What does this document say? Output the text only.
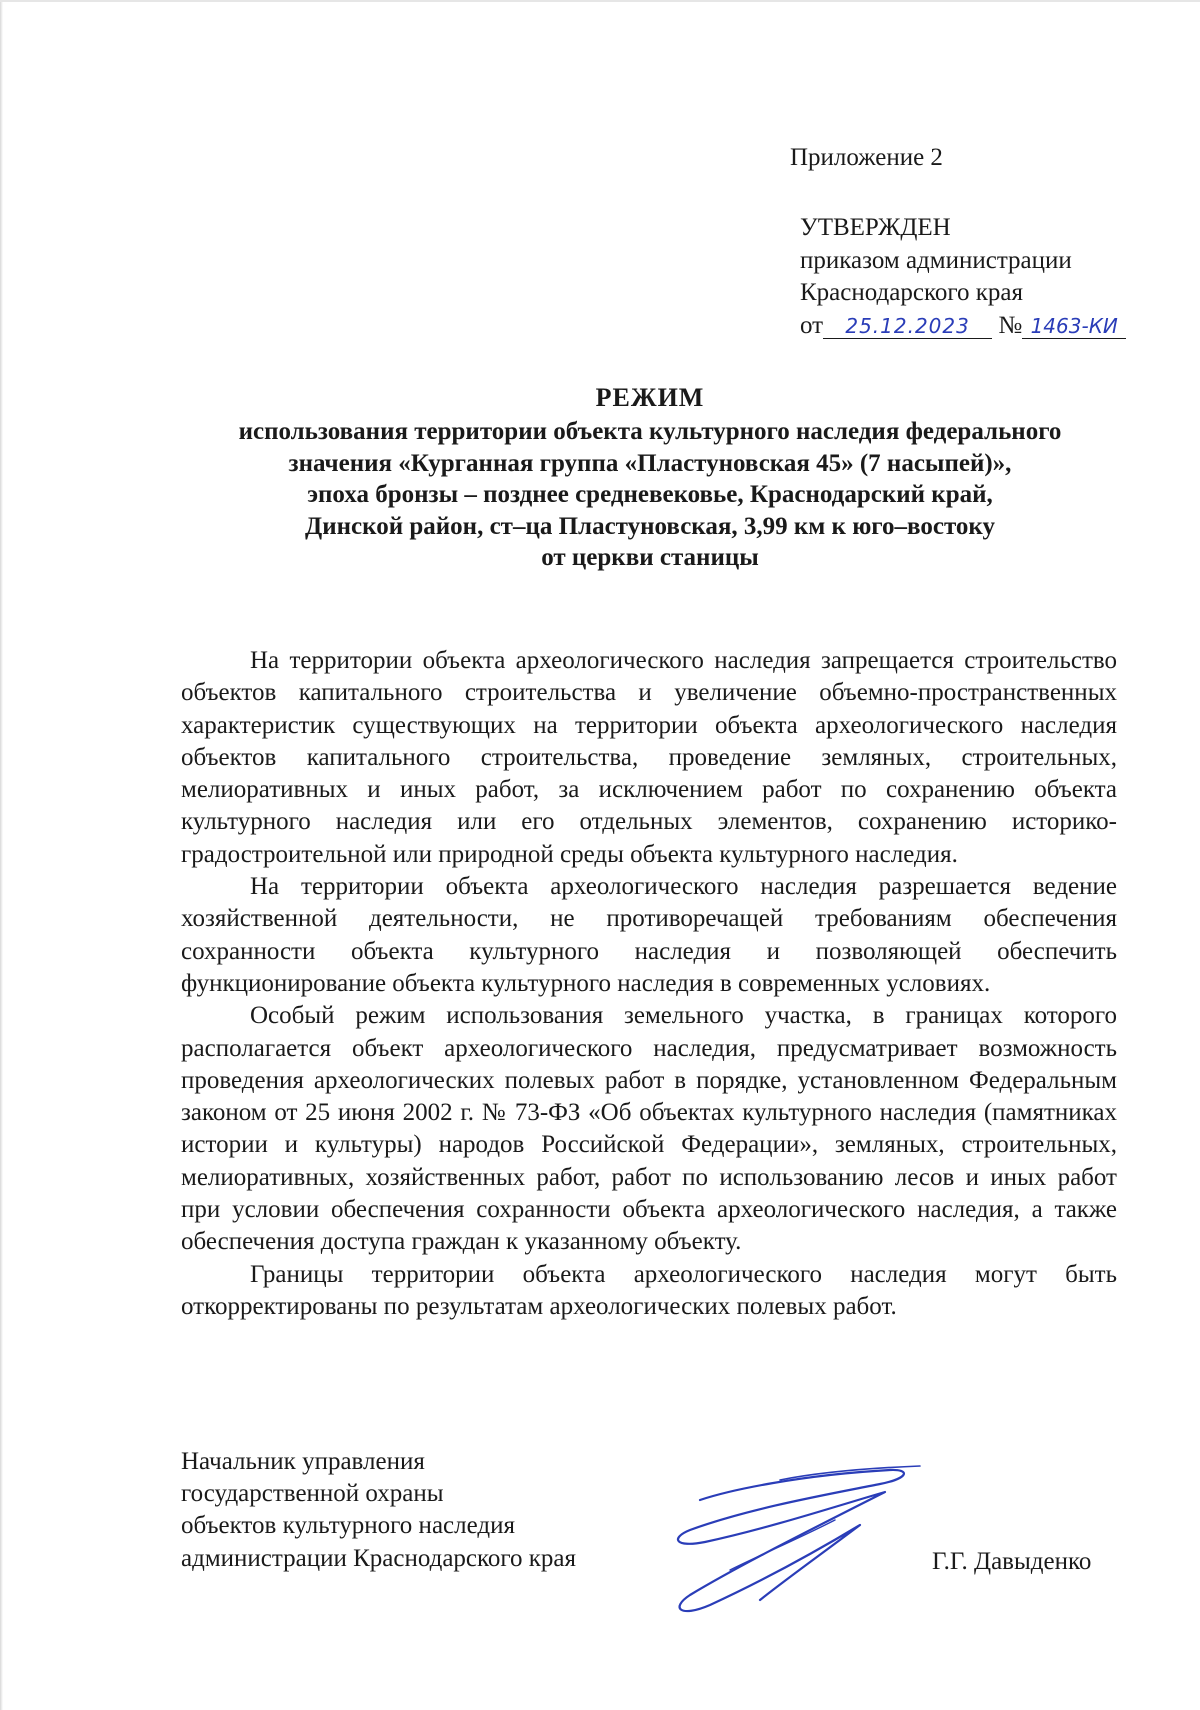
Приложение 2
УТВЕРЖДЕН
приказом администрации
Краснодарского края
от 25.12.2023 № 1463-КИ
РЕЖИМ
использования территории объекта культурного наследия федерального
значения «Курганная группа «Пластуновская 45» (7 насыпей)»,
эпоха бронзы – позднее средневековье, Краснодарский край,
Динской район, ст–ца Пластуновская, 3,99 км к юго–востоку
от церкви станицы

На территории объекта археологического наследия запрещается строительство объектов капитального строительства и увеличение объемно-пространственных характеристик существующих на территории объекта археологического наследия объектов капитального строительства, проведение земляных, строительных, мелиоративных и иных работ, за исключением работ по сохранению объекта культурного наследия или его отдельных элементов, сохранению историко-градостроительной или природной среды объекта культурного наследия.

На территории объекта археологического наследия разрешается ведение хозяйственной деятельности, не противоречащей требованиям обеспечения сохранности объекта культурного наследия и позволяющей обеспечить функционирование объекта культурного наследия в современных условиях.

Особый режим использования земельного участка, в границах которого располагается объект археологического наследия, предусматривает возможность проведения археологических полевых работ в порядке, установленном Федеральным законом от 25 июня 2002 г. № 73-ФЗ «Об объектах культурного наследия (памятниках истории и культуры) народов Российской Федерации», земляных, строительных, мелиоративных, хозяйственных работ, работ по использованию лесов и иных работ при условии обеспечения сохранности объекта археологического наследия, а также обеспечения доступа граждан к указанному объекту.

Границы территории объекта археологического наследия могут быть откорректированы по результатам археологических полевых работ.

Начальник управления
государственной охраны
объектов культурного наследия
администрации Краснодарского края	Г.Г. Давыденко
